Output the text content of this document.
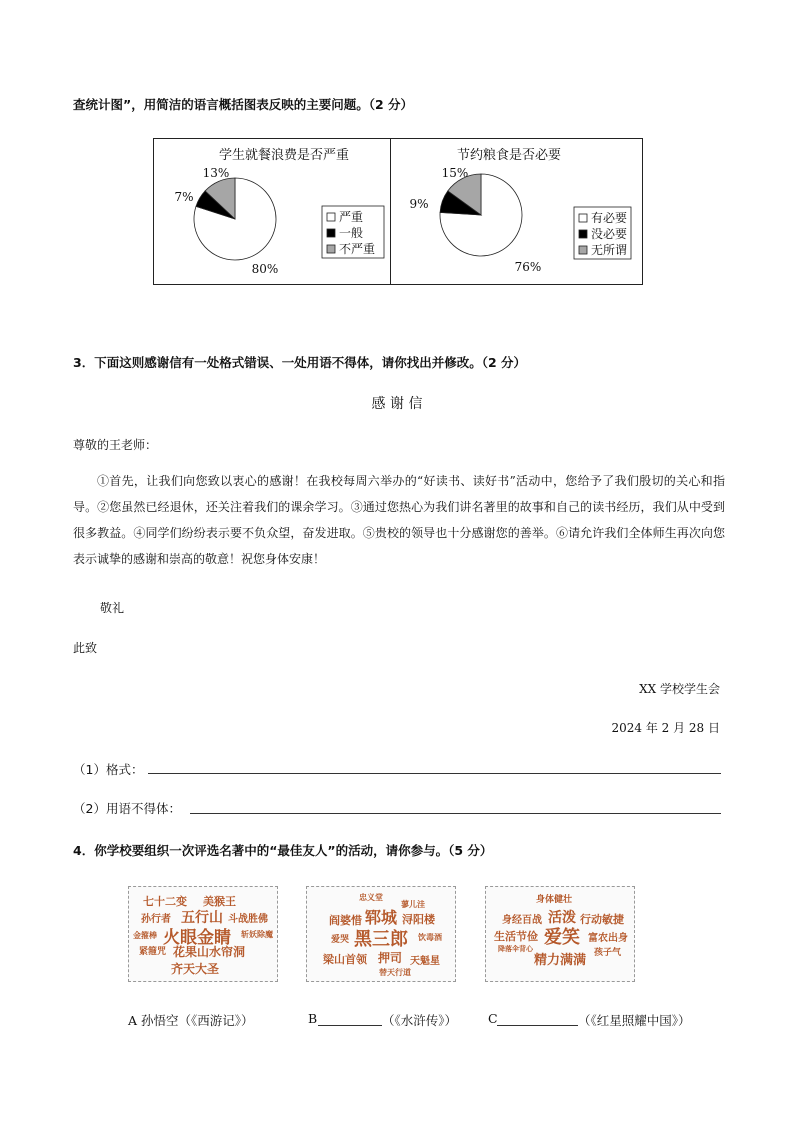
查统计图”，用简洁的语言概括图表反映的主要问题。（2 分）
学生就餐浪费是否严重
80%
7%
13%
严重
一般
不严重
节约粮食是否必要
76%
9%
15%
有必要
没必要
无所谓
3．下面这则感谢信有一处格式错误、一处用语不得体，请你找出并修改。（2 分）
感 谢 信
尊敬的王老师：
①首先，让我们向您致以衷心的感谢！在我校每周六举办的“好读书、读好书”活动中，您给予了我们殷切的关心和指导。②您虽然已经退休，还关注着我们的课余学习。③通过您热心为我们讲名著里的故事和自己的读书经历，我们从中受到很多教益。④同学们纷纷表示要不负众望，奋发进取。⑤贵校的领导也十分感谢您的善举。⑥请允许我们全体师生再次向您表示诚挚的感谢和崇高的敬意！祝您身体安康！
敬礼
此致
XX 学校学生会
2024 年 2 月 28 日
（1）格式：
（2）用语不得体：
4．你学校要组织一次评选名著中的“最佳友人”的活动，请你参与。（5 分）
七十二变 美猴王
孙行者 五行山 斗战胜佛
金箍棒 火眼金睛 斩妖除魔
紧箍咒 花果山水帘洞
齐天大圣
忠义堂
蓼儿洼
阎婆惜 郓城 浔阳楼
爱哭 黑三郎 饮毒酒
梁山首领 押司 天魁星
替天行道
身体健壮
身经百战 活泼 行动敏捷
生活节俭 爱笑 富农出身
降落伞背心	孩子气
精力满满
A 孙悟空（《西游记》）	B	（《水浒传》） C	（《红星照耀中国》）
